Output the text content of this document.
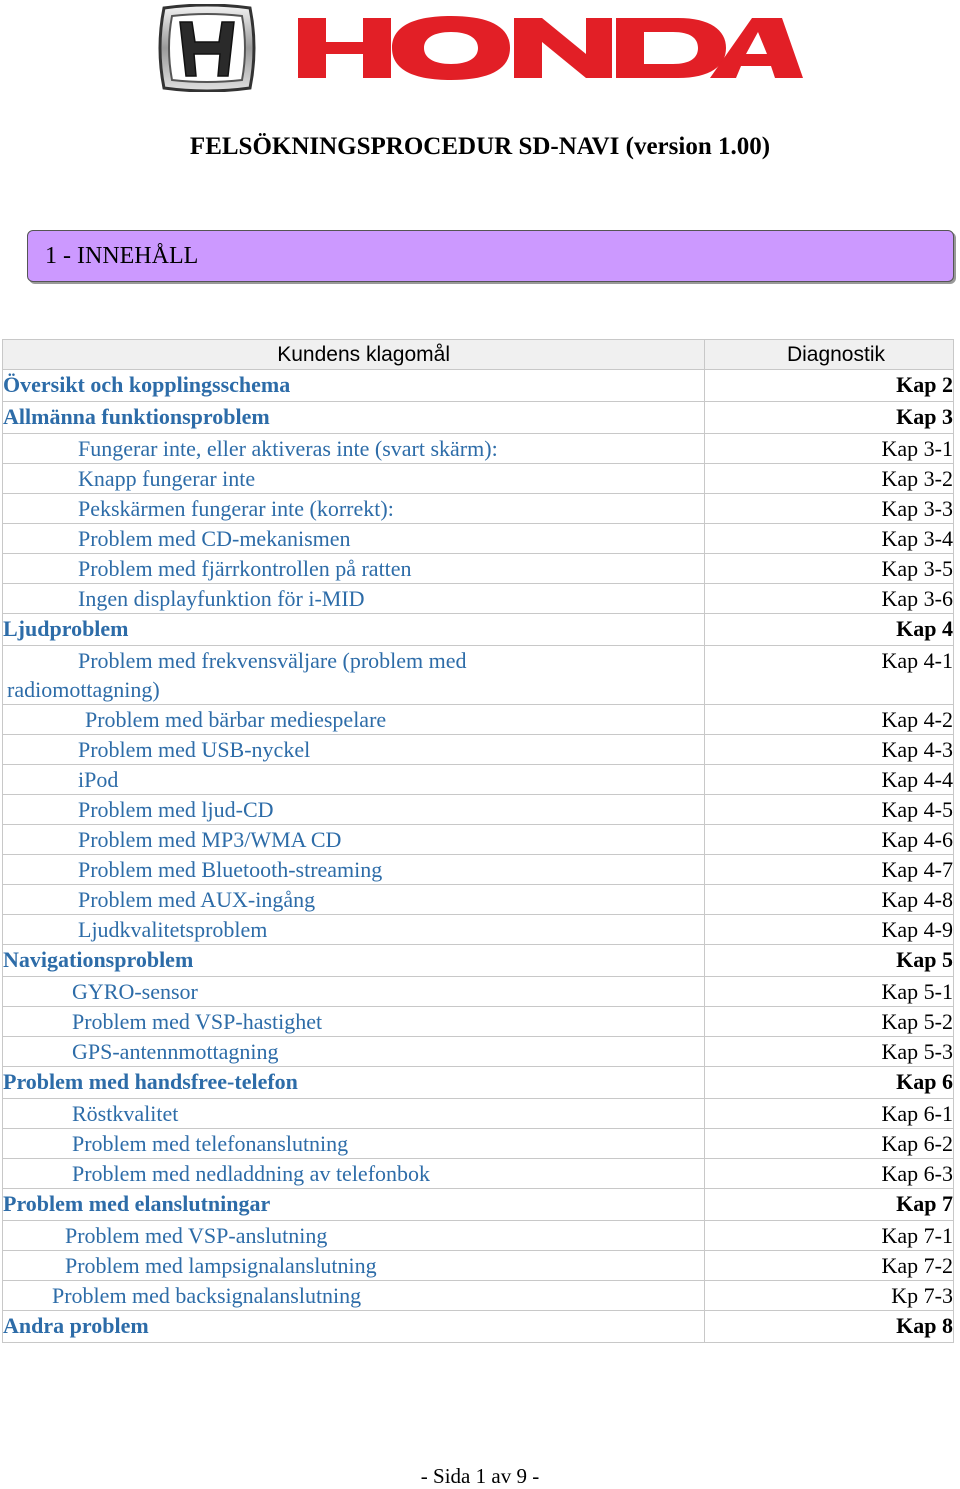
FELSÖKNINGSPROCEDUR SD-NAVI (version 1.00)
1 - INNEHÅLL
Kundens klagomål	Diagnostik
Översikt och kopplingsschema	Kap 2
Allmänna funktionsproblem	Kap 3
Fungerar inte, eller aktiveras inte (svart skärm):	Kap 3-1
Knapp fungerar inte	Kap 3-2
Pekskärmen fungerar inte (korrekt):	Kap 3-3
Problem med CD-mekanismen	Kap 3-4
Problem med fjärrkontrollen på ratten	Kap 3-5
Ingen displayfunktion för i-MID	Kap 3-6
Ljudproblem	Kap 4

Problem med frekvensväljare (problem med
radiomottagning)	Kap 4-1
Problem med bärbar mediespelare	Kap 4-2
Problem med USB-nyckel	Kap 4-3
iPod	Kap 4-4
Problem med ljud-CD	Kap 4-5
Problem med MP3/WMA CD	Kap 4-6
Problem med Bluetooth-streaming	Kap 4-7
Problem med AUX-ingång	Kap 4-8
Ljudkvalitetsproblem	Kap 4-9
Navigationsproblem	Kap 5
GYRO-sensor	Kap 5-1
Problem med VSP-hastighet	Kap 5-2
GPS-antennmottagning	Kap 5-3
Problem med handsfree-telefon	Kap 6
Röstkvalitet	Kap 6-1
Problem med telefonanslutning	Kap 6-2
Problem med nedladdning av telefonbok	Kap 6-3
Problem med elanslutningar	Kap 7
Problem med VSP-anslutning	Kap 7-1
Problem med lampsignalanslutning	Kap 7-2
Problem med backsignalanslutning	Kp 7-3
Andra problem	Kap 8
- Sida 1 av 9 -
